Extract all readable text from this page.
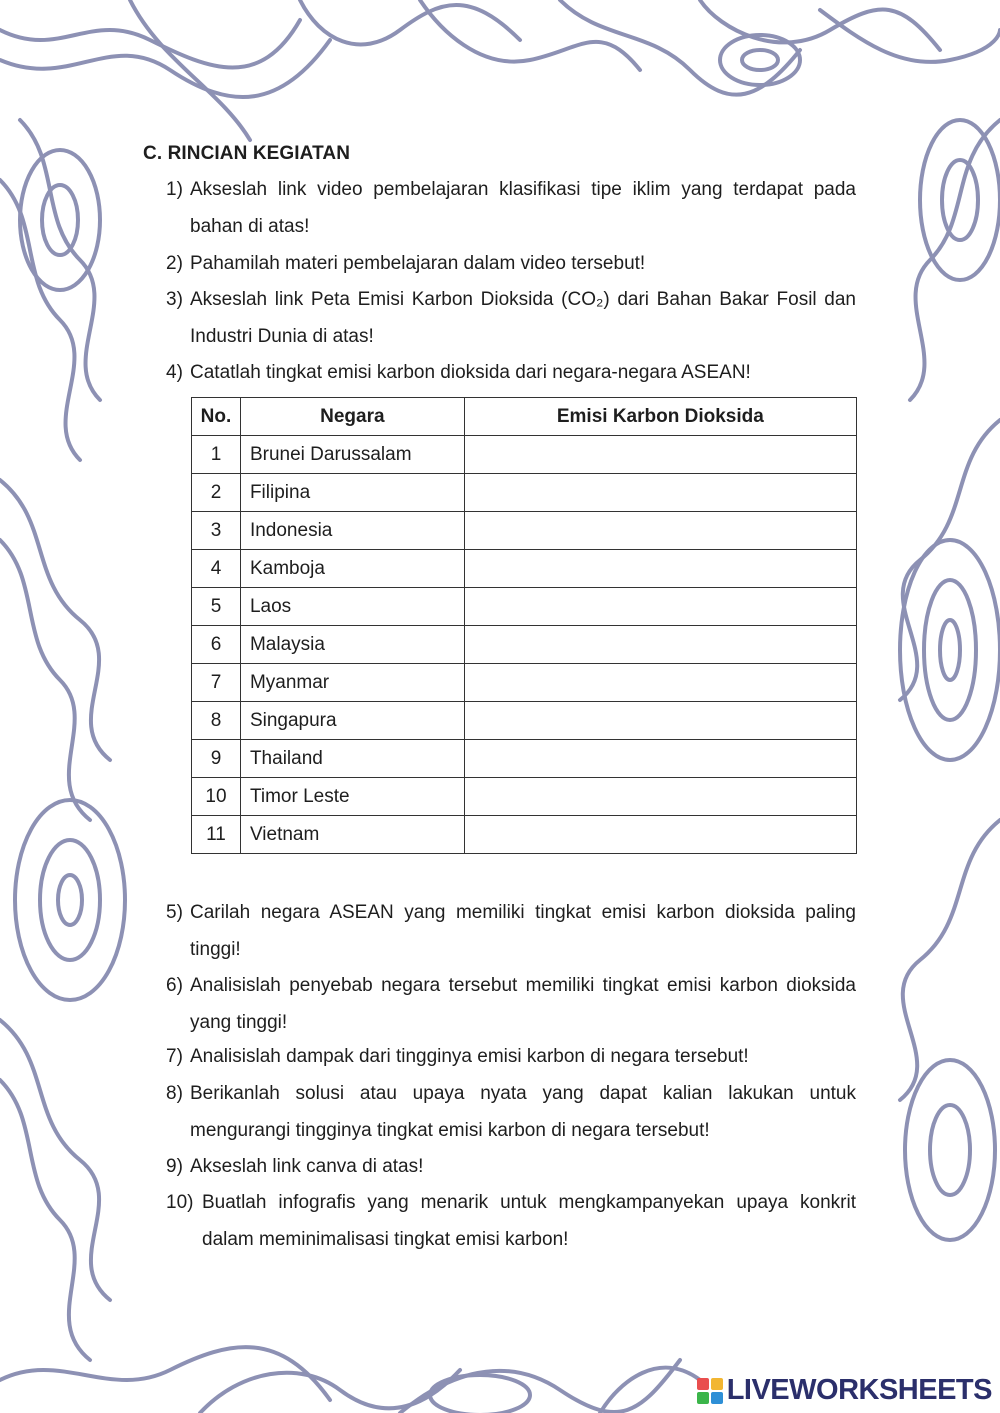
C. RINCIAN KEGIATAN
1) Akseslah link video pembelajaran klasifikasi tipe iklim yang terdapat pada bahan di atas!
2) Pahamilah materi pembelajaran dalam video tersebut!
3) Akseslah link Peta Emisi Karbon Dioksida (CO₂) dari Bahan Bakar Fosil dan Industri Dunia di atas!
4) Catatlah tingkat emisi karbon dioksida dari negara-negara ASEAN!
No.	Negara	Emisi Karbon Dioksida
1	Brunei Darussalam	
2	Filipina	
3	Indonesia	
4	Kamboja	
5	Laos	
6	Malaysia	
7	Myanmar	
8	Singapura	
9	Thailand	
10	Timor Leste	
11	Vietnam	
5) Carilah negara ASEAN yang memiliki tingkat emisi karbon dioksida paling tinggi!
6) Analisislah penyebab negara tersebut memiliki tingkat emisi karbon dioksida yang tinggi!
7) Analisislah dampak dari tingginya emisi karbon di negara tersebut!
8) Berikanlah solusi atau upaya nyata yang dapat kalian lakukan untuk mengurangi tingginya tingkat emisi karbon di negara tersebut!
9) Akseslah link canva di atas!
10) Buatlah infografis yang menarik untuk mengkampanyekan upaya konkrit dalam meminimalisasi tingkat emisi karbon!
LIVEWORKSHEETS
